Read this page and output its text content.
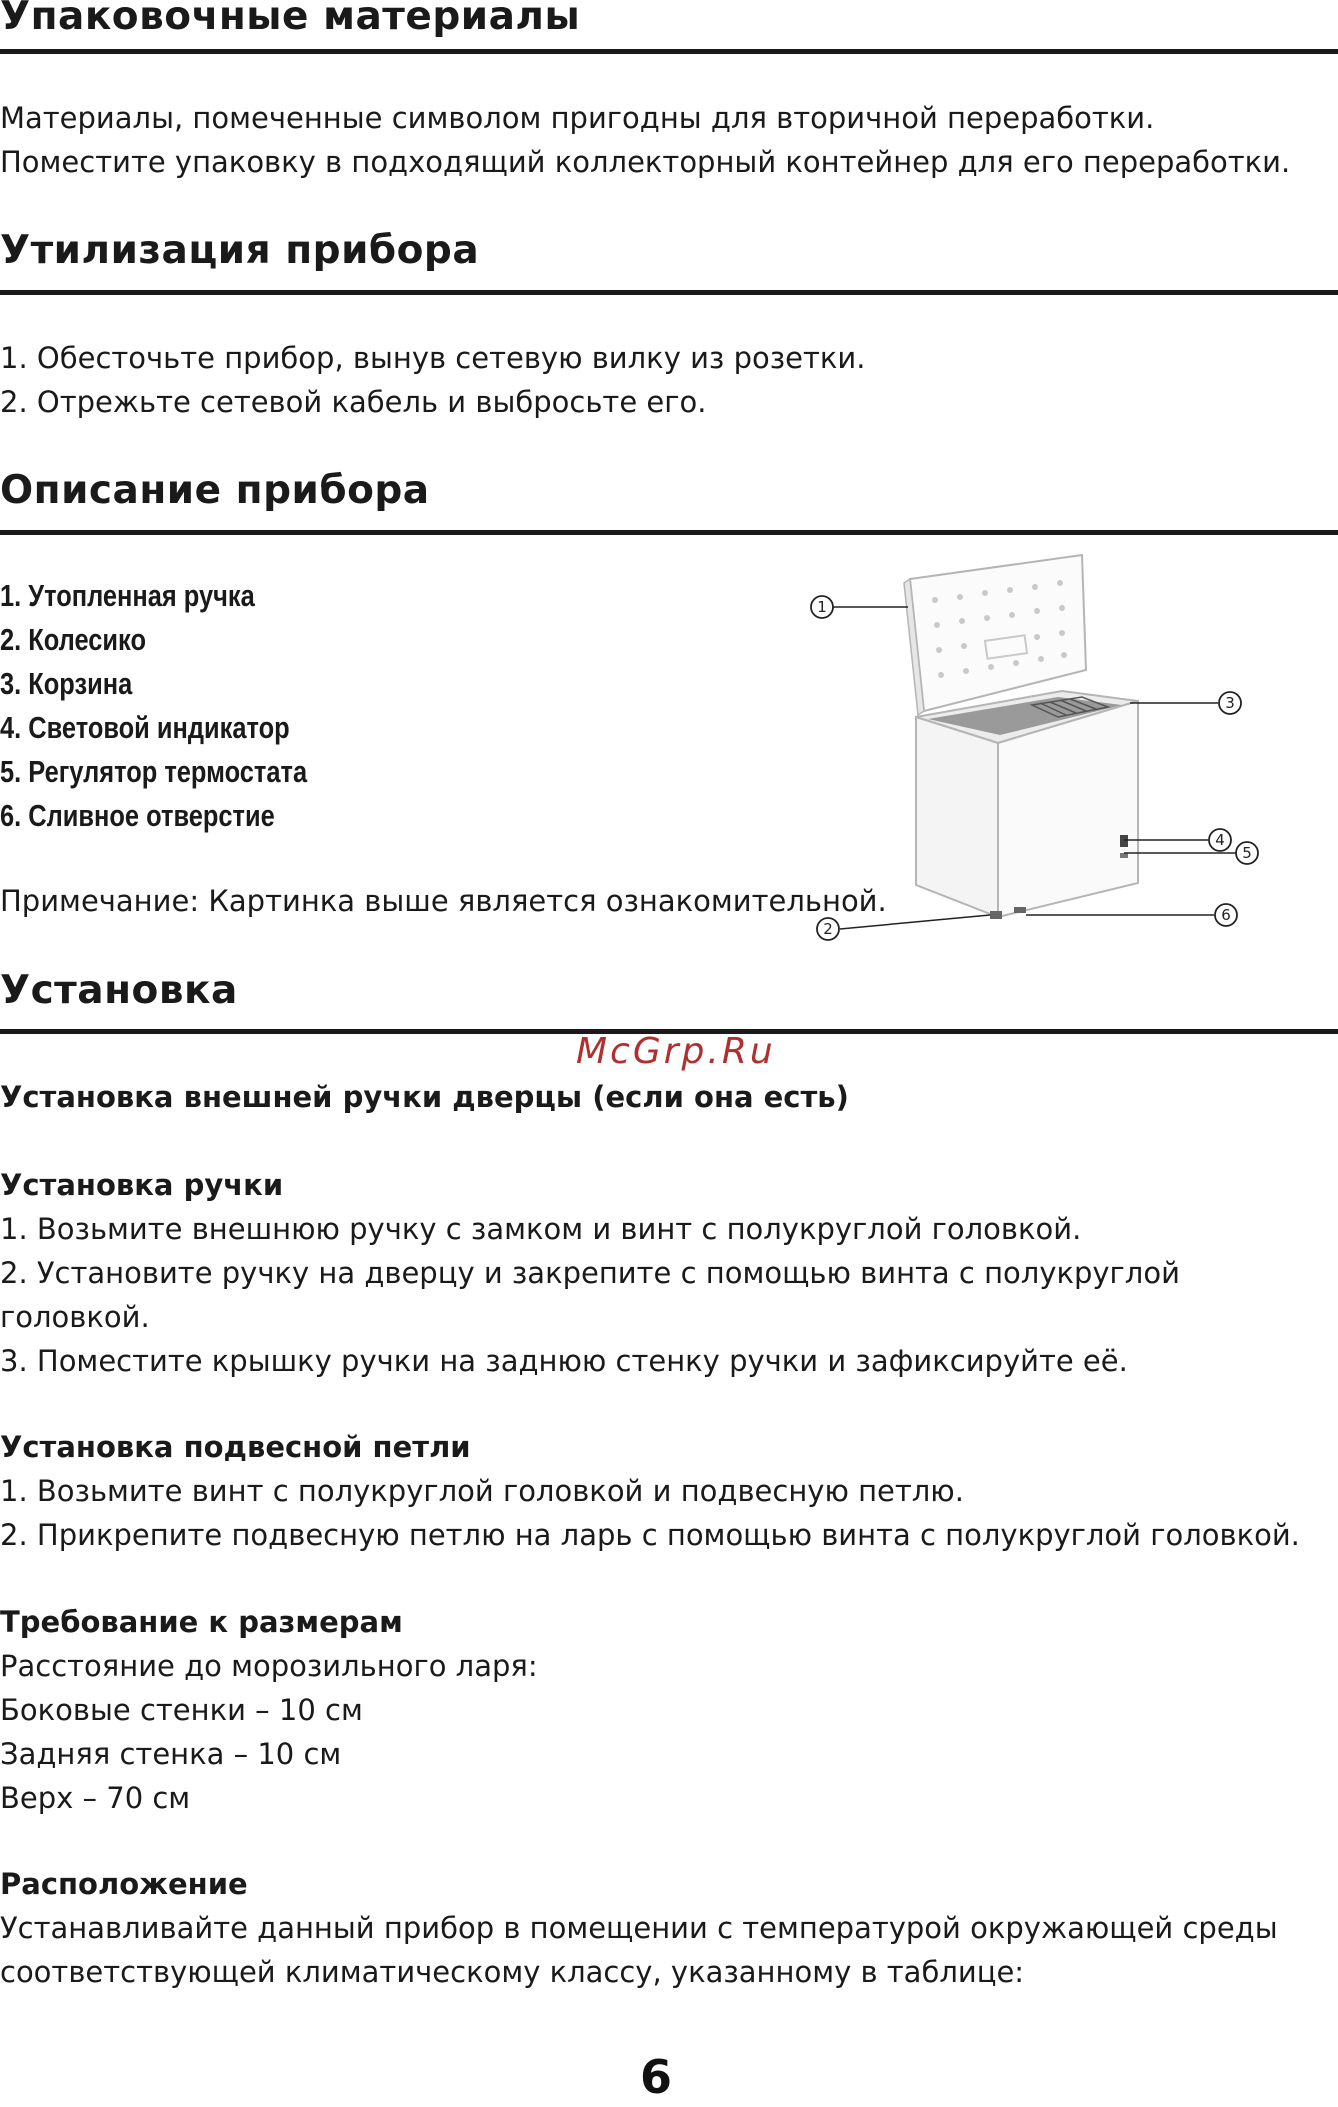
Упаковочные материалы
Материалы, помеченные символом пригодны для вторичной переработки.
Поместите упаковку в подходящий коллекторный контейнер для его переработки.
Утилизация прибора
1. Обесточьте прибор, вынув сетевую вилку из розетки.
2. Отрежьте сетевой кабель и выбросьте его.
Описание прибора
1. Утопленная ручка
2. Колесико
3. Корзина
4. Световой индикатор
5. Регулятор термостата
6. Сливное отверстие
Примечание: Картинка выше является ознакомительной.
1
2
3
4
5
6
Установка
McGrp.Ru
Установка внешней ручки дверцы (если она есть)
Установка ручки
1. Возьмите внешнюю ручку с замком и винт с полукруглой головкой.
2. Установите ручку на дверцу и закрепите с помощью винта с полукруглой
головкой.
3. Поместите крышку ручки на заднюю стенку ручки и зафиксируйте её.
Установка подвесной петли
1. Возьмите винт с полукруглой головкой и подвесную петлю.
2. Прикрепите подвесную петлю на ларь с помощью винта с полукруглой головкой.
Требование к размерам
Расстояние до морозильного ларя:
Боковые стенки – 10 см
Задняя стенка – 10 см
Верх – 70 см
Расположение
Устанавливайте данный прибор в помещении с температурой окружающей среды
соответствующей климатическому классу, указанному в таблице:
6
